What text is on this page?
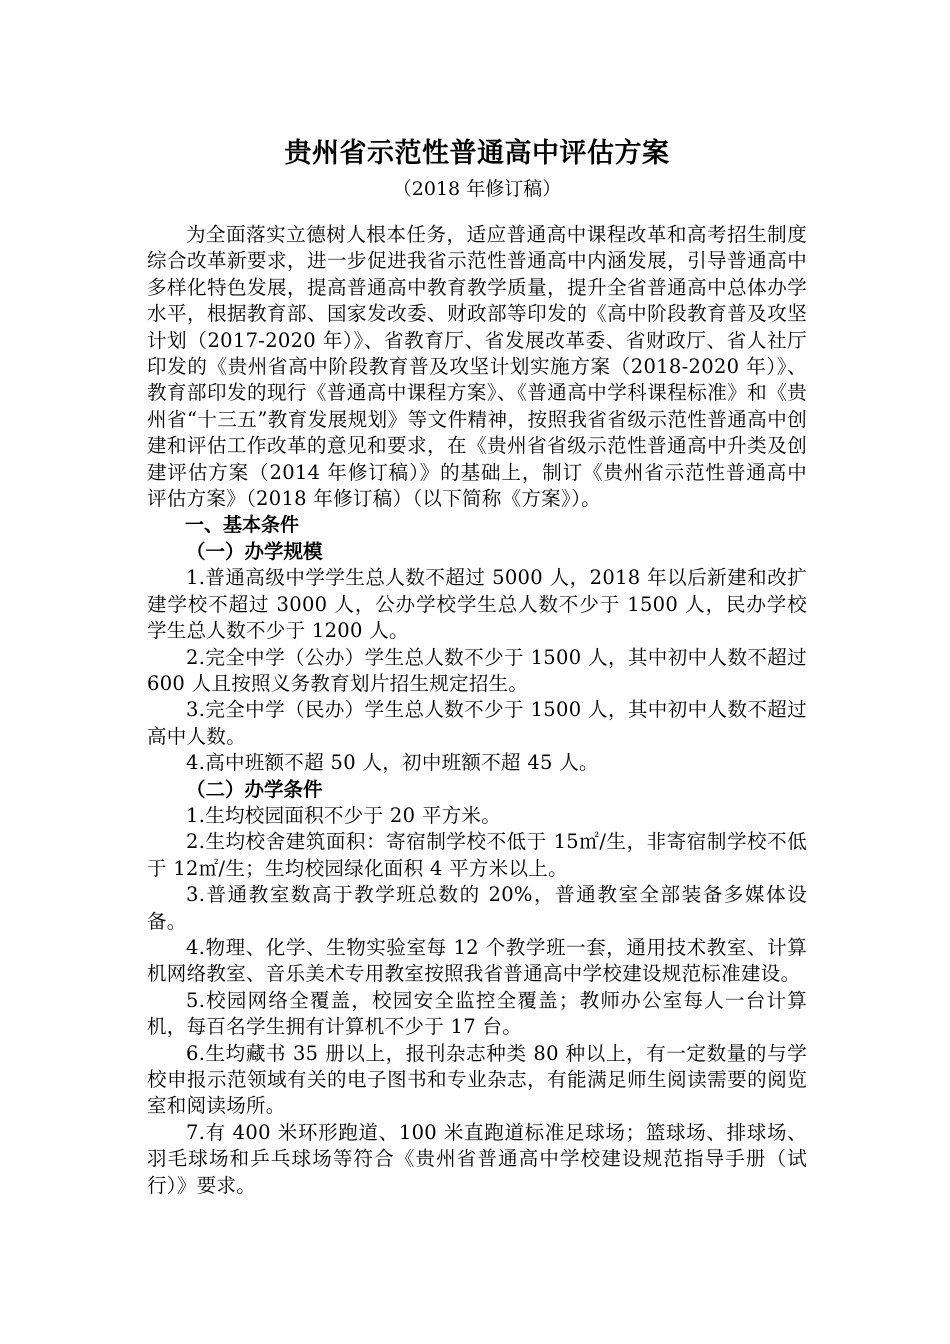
贵州省示范性普通高中评估方案
（2018 年修订稿）

为全面落实立德树人根本任务，适应普通高中课程改革和高考招生制度综合改革新要求，进一步促进我省示范性普通高中内涵发展，引导普通高中多样化特色发展，提高普通高中教育教学质量，提升全省普通高中总体办学水平，根据教育部、国家发改委、财政部等印发的《高中阶段教育普及攻坚计划（2017-2020 年）》、省教育厅、省发展改革委、省财政厅、省人社厅印发的《贵州省高中阶段教育普及攻坚计划实施方案（2018-2020 年）》、教育部印发的现行《普通高中课程方案》、《普通高中学科课程标准》和《贵州省“十三五”教育发展规划》等文件精神，按照我省省级示范性普通高中创建和评估工作改革的意见和要求，在《贵州省省级示范性普通高中升类及创建评估方案（2014 年修订稿）》的基础上，制订《贵州省示范性普通高中评估方案》（2018 年修订稿）（以下简称《方案》）。

一、基本条件
（一）办学规模

1.普通高级中学学生总人数不超过 5000 人，2018 年以后新建和改扩建学校不超过 3000 人，公办学校学生总人数不少于 1500 人，民办学校学生总人数不少于 1200 人。

2.完全中学（公办）学生总人数不少于 1500 人，其中初中人数不超过 600 人且按照义务教育划片招生规定招生。

3.完全中学（民办）学生总人数不少于 1500 人，其中初中人数不超过高中人数。

4.高中班额不超 50 人，初中班额不超 45 人。

（二）办学条件

1.生均校园面积不少于 20 平方米。

2.生均校舍建筑面积：寄宿制学校不低于 15㎡/生，非寄宿制学校不低于 12㎡/生；生均校园绿化面积 4 平方米以上。

3.普通教室数高于教学班总数的 20%，普通教室全部装备多媒体设备。

4.物理、化学、生物实验室每 12 个教学班一套，通用技术教室、计算机网络教室、音乐美术专用教室按照我省普通高中学校建设规范标准建设。

5.校园网络全覆盖，校园安全监控全覆盖；教师办公室每人一台计算机，每百名学生拥有计算机不少于 17 台。

6.生均藏书 35 册以上，报刊杂志种类 80 种以上，有一定数量的与学校申报示范领域有关的电子图书和专业杂志，有能满足师生阅读需要的阅览室和阅读场所。

7.有 400 米环形跑道、100 米直跑道标准足球场；篮球场、排球场、羽毛球场和乒乓球场等符合《贵州省普通高中学校建设规范指导手册（试行）》要求。
